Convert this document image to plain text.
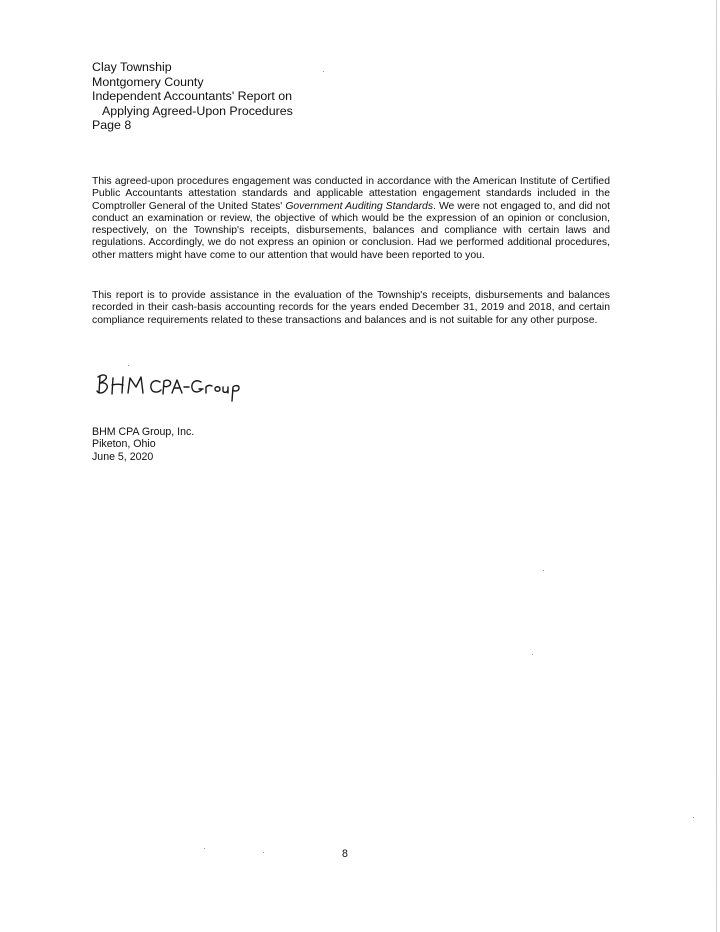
Clay Township
Montgomery County
Independent Accountants' Report on
Applying Agreed-Upon Procedures
Page 8
This agreed-upon procedures engagement was conducted in accordance with the American Institute of Certified Public Accountants attestation standards and applicable attestation engagement standards included in the Comptroller General of the United States' Government Auditing Standards. We were not engaged to, and did not conduct an examination or review, the objective of which would be the expression of an opinion or conclusion, respectively, on the Township's receipts, disbursements, balances and compliance with certain laws and regulations. Accordingly, we do not express an opinion or conclusion. Had we performed additional procedures, other matters might have come to our attention that would have been reported to you.
This report is to provide assistance in the evaluation of the Township's receipts, disbursements and balances recorded in their cash-basis accounting records for the years ended December 31, 2019 and 2018, and certain compliance requirements related to these transactions and balances and is not suitable for any other purpose.
BHM CPA Group, Inc.
Piketon, Ohio
June 5, 2020
8
